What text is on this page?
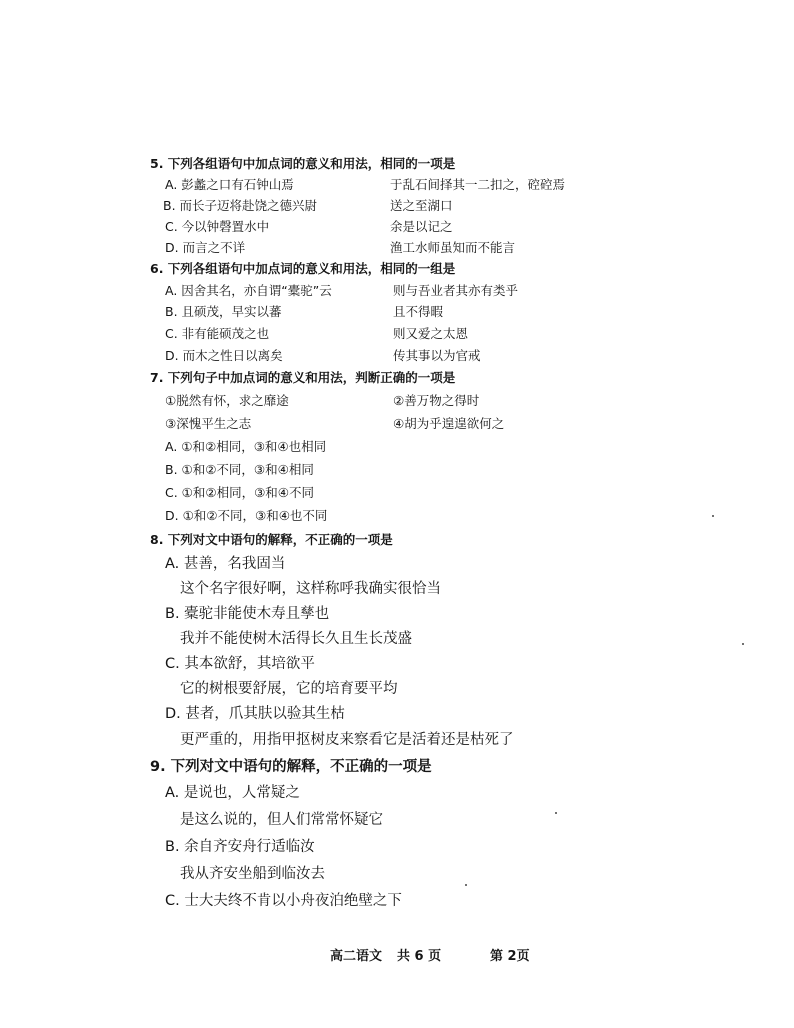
5. 下列各组语句中加点词的意义和用法，相同的一项是
A. 彭蠡之口有石钟山焉	于乱石间择其一二扣之，硿硿焉
B. 而长子迈将赴饶之德兴尉	送之至湖口
C. 今以钟磬置水中	余是以记之
D. 而言之不详	渔工水师虽知而不能言
6. 下列各组语句中加点词的意义和用法，相同的一组是
A. 因舍其名，亦自谓“橐驼”云	则与吾业者其亦有类乎
B. 且硕茂，早实以蕃	且不得暇
C. 非有能硕茂之也	则又爱之太恩
D. 而木之性日以离矣	传其事以为官戒
7. 下列句子中加点词的意义和用法，判断正确的一项是
①脱然有怀，求之靡途	②善万物之得时
③深愧平生之志	④胡为乎遑遑欲何之
A. ①和②相同，③和④也相同
B. ①和②不同，③和④相同
C. ①和②相同，③和④不同
D. ①和②不同，③和④也不同
8. 下列对文中语句的解释，不正确的一项是
A. 甚善，名我固当
这个名字很好啊，这样称呼我确实很恰当
B. 橐驼非能使木寿且孳也
我并不能使树木活得长久且生长茂盛
C. 其本欲舒，其培欲平
它的树根要舒展，它的培育要平均
D. 甚者，爪其肤以验其生枯
更严重的，用指甲抠树皮来察看它是活着还是枯死了
9. 下列对文中语句的解释，不正确的一项是
A. 是说也，人常疑之
是这么说的，但人们常常怀疑它
B. 余自齐安舟行适临汝
我从齐安坐船到临汝去
C. 士大夫终不肯以小舟夜泊绝壁之下
高二语文 共 6 页	第 2页
